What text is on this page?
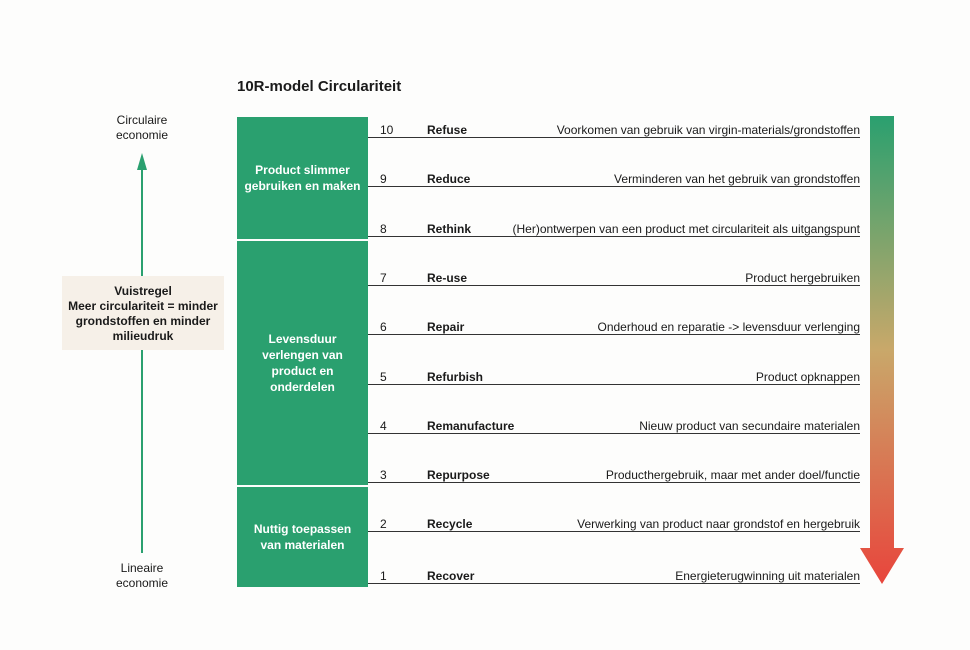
10R-model Circulariteit
Circulaire
economie
Lineaire
economie
Vuistregel
Meer circulariteit = minder
grondstoffen en minder
milieudruk
Product slimmer
gebruiken en maken
Levensduur
verlengen van
product en
onderdelen
Nuttig toepassen
van materialen
10	Refuse	Voorkomen van gebruik van virgin-materials/grondstoffen
9	Reduce	Verminderen van het gebruik van grondstoffen
8	Rethink	(Her)ontwerpen van een product met circulariteit als uitgangspunt
7	Re-use	Product hergebruiken
6	Repair	Onderhoud en reparatie -> levensduur verlenging
5	Refurbish	Product opknappen
4	Remanufacture	Nieuw product van secundaire materialen
3	Repurpose	Producthergebruik, maar met ander doel/functie
2	Recycle	Verwerking van product naar grondstof en hergebruik
1	Recover	Energieterugwinning uit materialen
